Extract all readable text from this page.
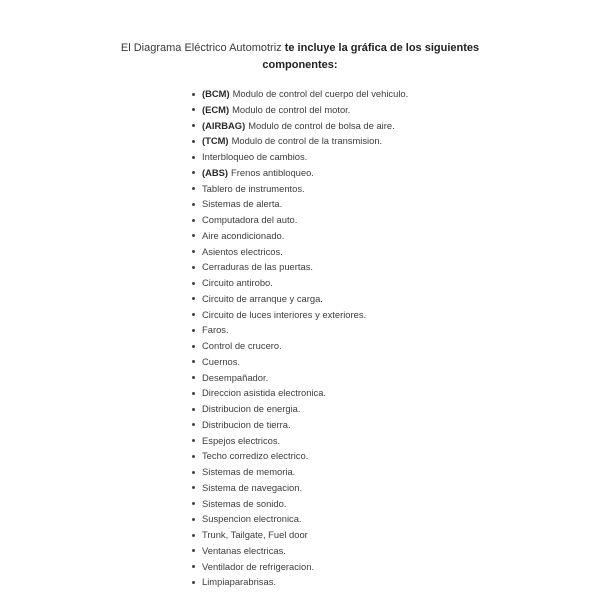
El Diagrama Eléctrico Automotriz te incluye la gráfica de los siguientes componentes:
(BCM) Modulo de control del cuerpo del vehiculo.
(ECM) Modulo de control del motor.
(AIRBAG) Modulo de control de bolsa de aire.
(TCM) Modulo de control de la transmision.
Interbloqueo de cambios.
(ABS) Frenos antibloqueo.
Tablero de instrumentos.
Sistemas de alerta.
Computadora del auto.
Aire acondicionado.
Asientos electricos.
Cerraduras de las puertas.
Circuito antirobo.
Circuito de arranque y carga.
Circuito de luces interiores y exteriores.
Faros.
Control de crucero.
Cuernos.
Desempañador.
Direccion asistida electronica.
Distribucion de energia.
Distribucion de tierra.
Espejos electricos.
Techo corredizo electrico.
Sistemas de memoria.
Sistema de navegacion.
Sistemas de sonido.
Suspencion electronica.
Trunk, Tailgate, Fuel door
Ventanas electricas.
Ventilador de refrigeracion.
Limpiaparabrisas.
